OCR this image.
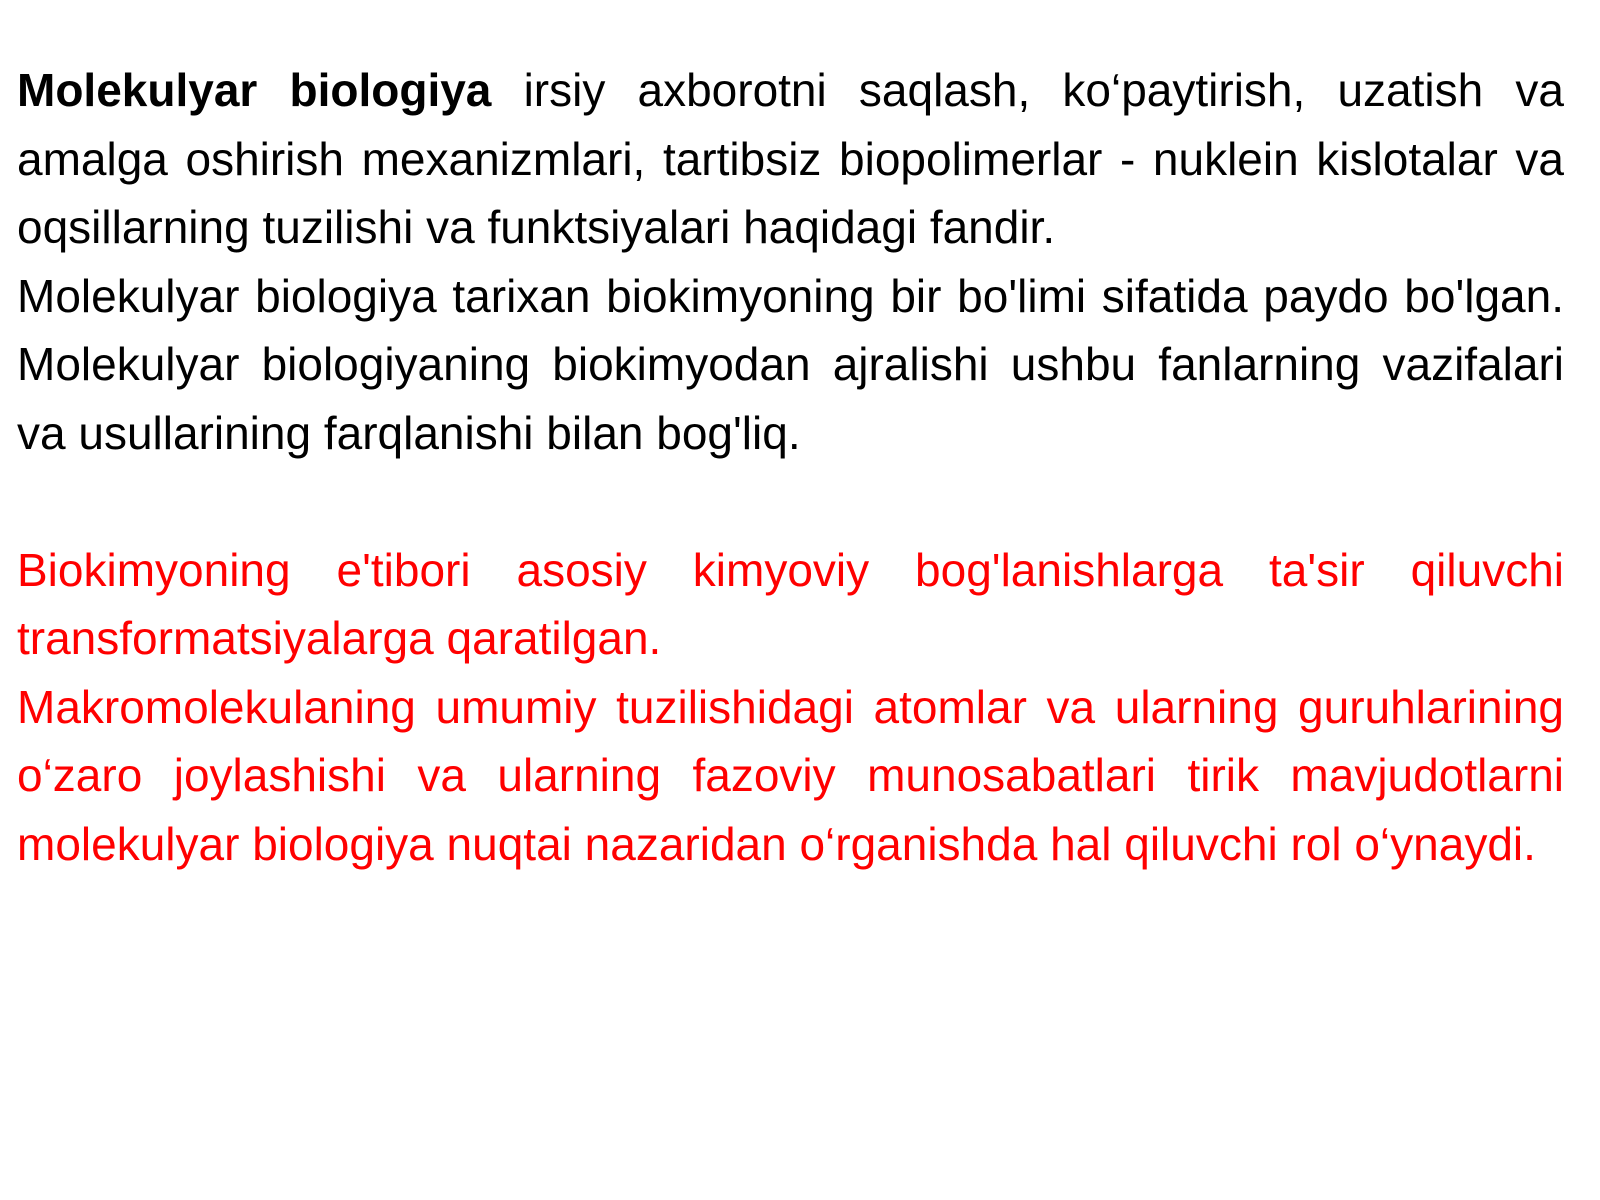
Molekulyar biologiya irsiy axborotni saqlash, ko‘paytirish, uzatish va amalga oshirish mexanizmlari, tartibsiz biopolimerlar - nuklein kislotalar va oqsillarning tuzilishi va funktsiyalari haqidagi fandir.

Molekulyar biologiya tarixan biokimyoning bir bo'limi sifatida paydo bo'lgan. Molekulyar biologiyaning biokimyodan ajralishi ushbu fanlarning vazifalari va usullarining farqlanishi bilan bog'liq.

Biokimyoning e'tibori asosiy kimyoviy bog'lanishlarga ta'sir qiluvchi transformatsiyalarga qaratilgan.

Makromolekulaning umumiy tuzilishidagi atomlar va ularning guruhlarining o‘zaro joylashishi va ularning fazoviy munosabatlari tirik mavjudotlarni molekulyar biologiya nuqtai nazaridan o‘rganishda hal qiluvchi rol o‘ynaydi.
